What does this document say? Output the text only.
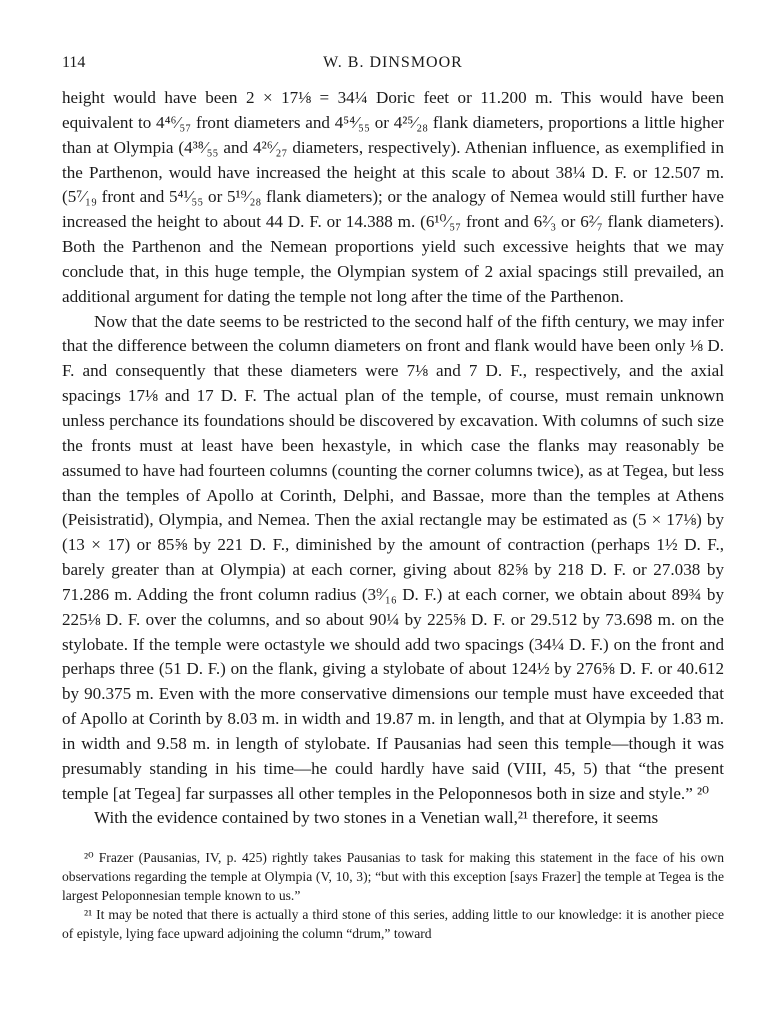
114	W. B. DINSMOOR

height would have been 2 × 17⅛ = 34¼ Doric feet or 11.200 m. This would have been equivalent to 4⁴⁶⁄₅₇ front diameters and 4⁵⁴⁄₅₅ or 4²⁵⁄₂₈ flank diameters, proportions a little higher than at Olympia (4³⁸⁄₅₅ and 4²⁶⁄₂₇ diameters, respectively). Athenian influence, as exemplified in the Parthenon, would have increased the height at this scale to about 38¼ D. F. or 12.507 m. (5⁷⁄₁₉ front and 5⁴¹⁄₅₅ or 5¹⁹⁄₂₈ flank diameters); or the analogy of Nemea would still further have increased the height to about 44 D. F. or 14.388 m. (6¹⁰⁄₅₇ front and 6²⁄₃ or 6²⁄₇ flank diameters). Both the Parthenon and the Nemean proportions yield such excessive heights that we may conclude that, in this huge temple, the Olympian system of 2 axial spacings still prevailed, an additional argument for dating the temple not long after the time of the Parthenon.

Now that the date seems to be restricted to the second half of the fifth century, we may infer that the difference between the column diameters on front and flank would have been only ⅛ D. F. and consequently that these diameters were 7⅛ and 7 D. F., respectively, and the axial spacings 17⅛ and 17 D. F. The actual plan of the temple, of course, must remain unknown unless perchance its foundations should be discovered by excavation. With columns of such size the fronts must at least have been hexastyle, in which case the flanks may reasonably be assumed to have had fourteen columns (counting the corner columns twice), as at Tegea, but less than the temples of Apollo at Corinth, Delphi, and Bassae, more than the temples at Athens (Peisistratid), Olympia, and Nemea. Then the axial rectangle may be estimated as (5 × 17⅛) by (13 × 17) or 85⅝ by 221 D. F., diminished by the amount of contraction (perhaps 1½ D. F., barely greater than at Olympia) at each corner, giving about 82⅝ by 218 D. F. or 27.038 by 71.286 m. Adding the front column radius (3⁹⁄₁₆ D. F.) at each corner, we obtain about 89¾ by 225⅛ D. F. over the columns, and so about 90¼ by 225⅝ D. F. or 29.512 by 73.698 m. on the stylobate. If the temple were octastyle we should add two spacings (34¼ D. F.) on the front and perhaps three (51 D. F.) on the flank, giving a stylobate of about 124½ by 276⅝ D. F. or 40.612 by 90.375 m. Even with the more conservative dimensions our temple must have exceeded that of Apollo at Corinth by 8.03 m. in width and 19.87 m. in length, and that at Olympia by 1.83 m. in width and 9.58 m. in length of stylobate. If Pausanias had seen this temple—though it was presumably standing in his time—he could hardly have said (VIII, 45, 5) that “the present temple [at Tegea] far surpasses all other temples in the Peloponnesos both in size and style.” ²⁰

With the evidence contained by two stones in a Venetian wall,²¹ therefore, it seems

²⁰ Frazer (Pausanias, IV, p. 425) rightly takes Pausanias to task for making this statement in the face of his own observations regarding the temple at Olympia (V, 10, 3); “but with this exception [says Frazer] the temple at Tegea is the largest Peloponnesian temple known to us.”

²¹ It may be noted that there is actually a third stone of this series, adding little to our knowledge: it is another piece of epistyle, lying face upward adjoining the column “drum,” toward
